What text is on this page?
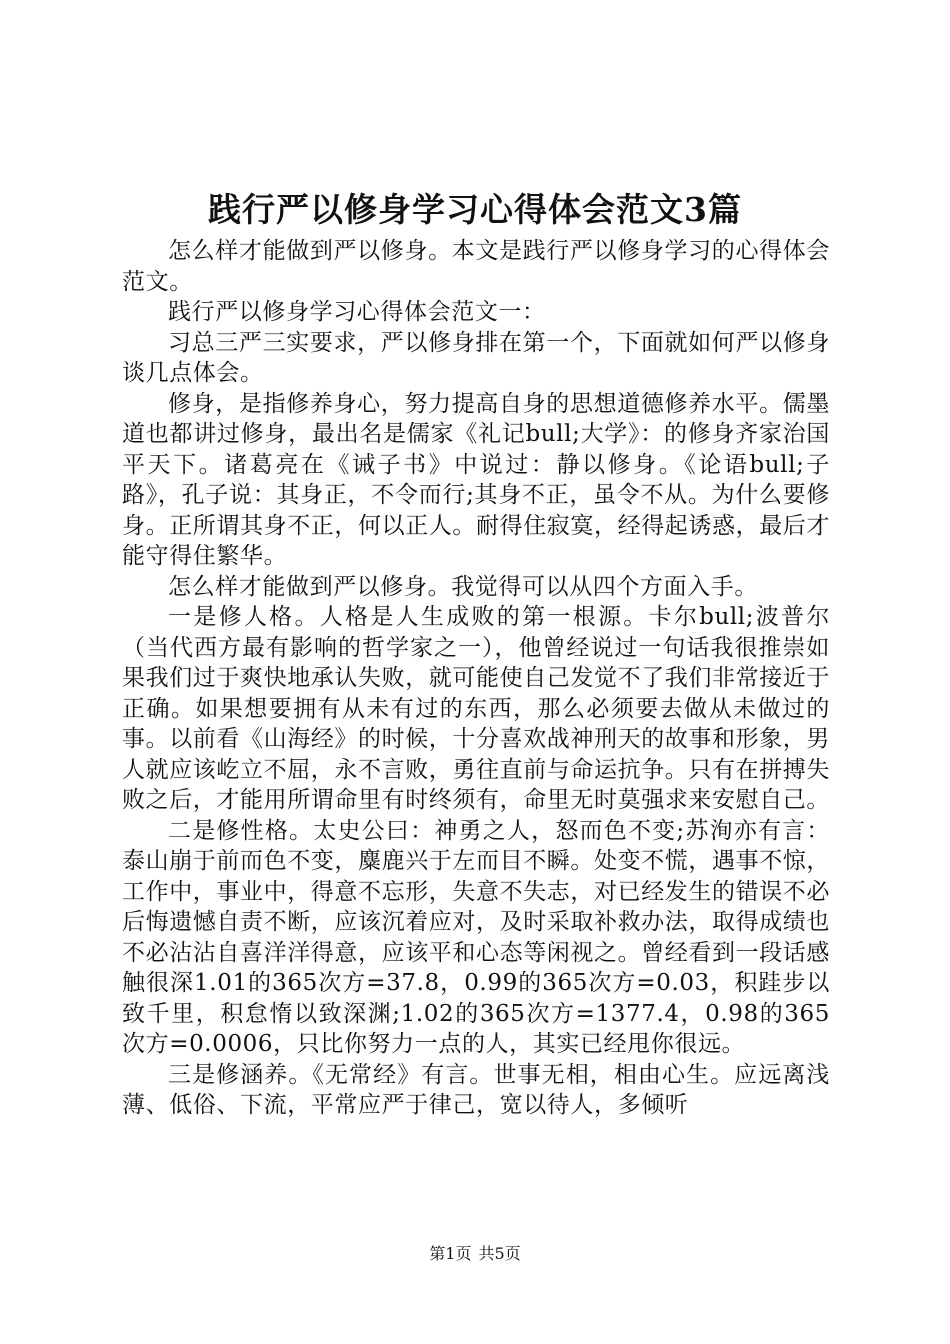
践行严以修身学习心得体会范文3篇

怎么样才能做到严以修身。本文是践行严以修身学习的心得体会范文。

践行严以修身学习心得体会范文一：

习总三严三实要求，严以修身排在第一个，下面就如何严以修身谈几点体会。

修身，是指修养身心，努力提高自身的思想道德修养水平。儒墨道也都讲过修身，最出名是儒家《礼记bull;大学》：的修身齐家治国平天下。诸葛亮在《诫子书》中说过：静以修身。《论语bull;子路》，孔子说：其身正，不令而行;其身不正，虽令不从。为什么要修身。正所谓其身不正，何以正人。耐得住寂寞，经得起诱惑，最后才能守得住繁华。

怎么样才能做到严以修身。我觉得可以从四个方面入手。

一是修人格。人格是人生成败的第一根源。卡尔bull;波普尔（当代西方最有影响的哲学家之一），他曾经说过一句话我很推崇如果我们过于爽快地承认失败，就可能使自己发觉不了我们非常接近于正确。如果想要拥有从未有过的东西，那么必须要去做从未做过的事。以前看《山海经》的时候，十分喜欢战神刑天的故事和形象，男人就应该屹立不屈，永不言败，勇往直前与命运抗争。只有在拼搏失败之后，才能用所谓命里有时终须有，命里无时莫强求来安慰自己。

二是修性格。太史公曰：神勇之人，怒而色不变;苏洵亦有言：泰山崩于前而色不变，麋鹿兴于左而目不瞬。处变不慌，遇事不惊，工作中，事业中，得意不忘形，失意不失志，对已经发生的错误不必后悔遗憾自责不断，应该沉着应对，及时采取补救办法，取得成绩也不必沾沾自喜洋洋得意，应该平和心态等闲视之。曾经看到一段话感触很深1.01的365次方=37.8，0.99的365次方=0.03，积跬步以致千里，积怠惰以致深渊;1.02的365次方=1377.4，0.98的365次方=0.0006，只比你努力一点的人，其实已经甩你很远。

三是修涵养。《无常经》有言。世事无相，相由心生。应远离浅薄、低俗、下流，平常应严于律己，宽以待人，多倾听

第1页 共5页
